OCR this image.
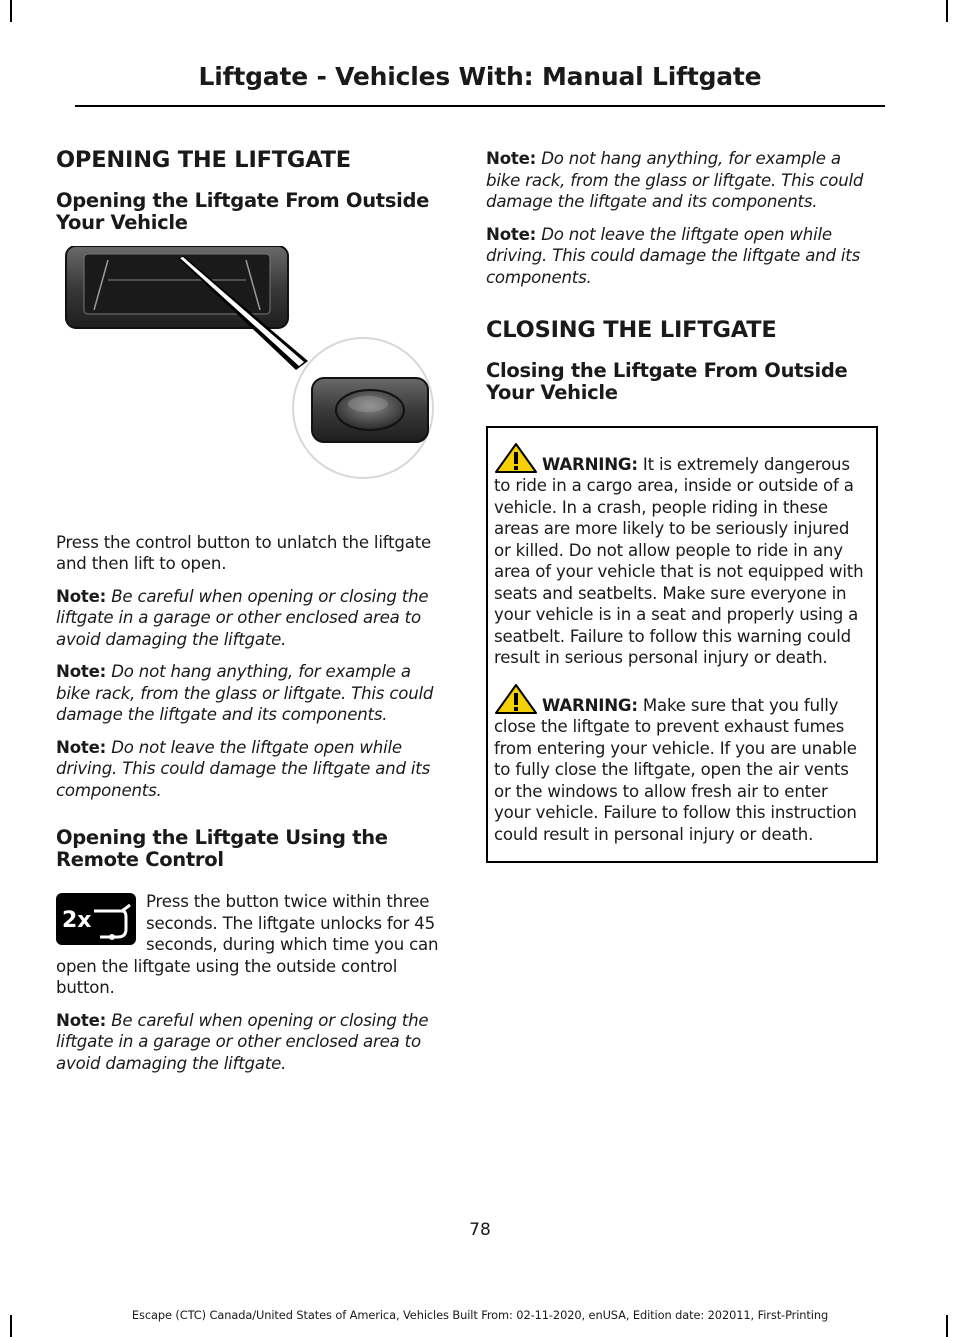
Liftgate - Vehicles With: Manual Liftgate
OPENING THE LIFTGATE
Opening the Liftgate From Outside Your Vehicle

Press the control button to unlatch the liftgate and then lift to open.

Note: Be careful when opening or closing the liftgate in a garage or other enclosed area to avoid damaging the liftgate.

Note: Do not hang anything, for example a bike rack, from the glass or liftgate. This could damage the liftgate and its components.

Note: Do not leave the liftgate open while driving. This could damage the liftgate and its components.

Opening the Liftgate Using the Remote Control
2x

Press the button twice within three seconds. The liftgate unlocks for 45 seconds, during which time you can open the liftgate using the outside control button.

Note: Be careful when opening or closing the liftgate in a garage or other enclosed area to avoid damaging the liftgate.

Note: Do not hang anything, for example a bike rack, from the glass or liftgate. This could damage the liftgate and its components.

Note: Do not leave the liftgate open while driving. This could damage the liftgate and its components.

CLOSING THE LIFTGATE
Closing the Liftgate From Outside Your Vehicle

WARNING: It is extremely dangerous to ride in a cargo area, inside or outside of a vehicle. In a crash, people riding in these areas are more likely to be seriously injured or killed. Do not allow people to ride in any area of your vehicle that is not equipped with seats and seatbelts. Make sure everyone in your vehicle is in a seat and properly using a seatbelt. Failure to follow this warning could result in serious personal injury or death.

WARNING: Make sure that you fully close the liftgate to prevent exhaust fumes from entering your vehicle. If you are unable to fully close the liftgate, open the air vents or the windows to allow fresh air to enter your vehicle. Failure to follow this instruction could result in personal injury or death.

78
Escape (CTC) Canada/United States of America, Vehicles Built From: 02-11-2020, enUSA, Edition date: 202011, First-Printing
